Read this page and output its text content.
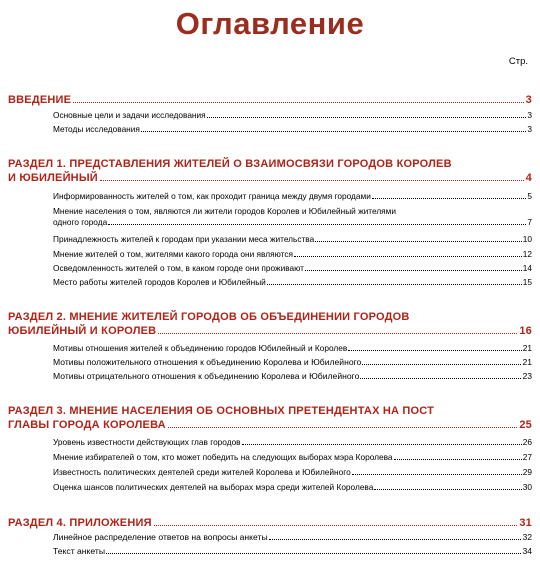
Оглавление
Стр.
ВВЕДЕНИЕ	3
Основные цели и задачи исследования	3
Методы исследования	3
РАЗДЕЛ 1. ПРЕДСТАВЛЕНИЯ ЖИТЕЛЕЙ О ВЗАИМОСВЯЗИ ГОРОДОВ КОРОЛЕВ
И ЮБИЛЕЙНЫЙ	4
Информированность жителей о том, как проходит граница между двумя городами	5
Мнение населения о том, являются ли жители городов Королев и Юбилейный жителями
одного города	7
Принадлежность жителей к городам при указании меса жительства	10
Мнение жителей о том, жителями какого города они являются	12
Осведомленность жителей о том, в каком городе они проживают	14
Место работы жителей городов Королев и Юбилейный	15
РАЗДЕЛ 2. МНЕНИЕ ЖИТЕЛЕЙ ГОРОДОВ ОБ ОБЪЕДИНЕНИИ ГОРОДОВ
ЮБИЛЕЙНЫЙ И КОРОЛЕВ	16
Мотивы отношения жителей к объединению городов Юбилейный и Королев	21
Мотивы положительного отношения к объединению Королева и Юбилейного	21
Мотивы отрицательного отношения к объединению Королева и Юбилейного	23
РАЗДЕЛ 3. МНЕНИЕ НАСЕЛЕНИЯ ОБ ОСНОВНЫХ ПРЕТЕНДЕНТАХ НА ПОСТ
ГЛАВЫ ГОРОДА КОРОЛЕВА	25
Уровень известности действующих глав городов	26
Мнение избирателей о том, кто может победить на следующих выборах мэра Королева	27
Известность политических деятелей среди жителей Королева и Юбилейного	29
Оценка шансов политических деятелей на выборах мэра среди жителей Королева	30
РАЗДЕЛ 4. ПРИЛОЖЕНИЯ	31
Линейное распределение ответов на вопросы анкеты	32
Текст анкеты	34
